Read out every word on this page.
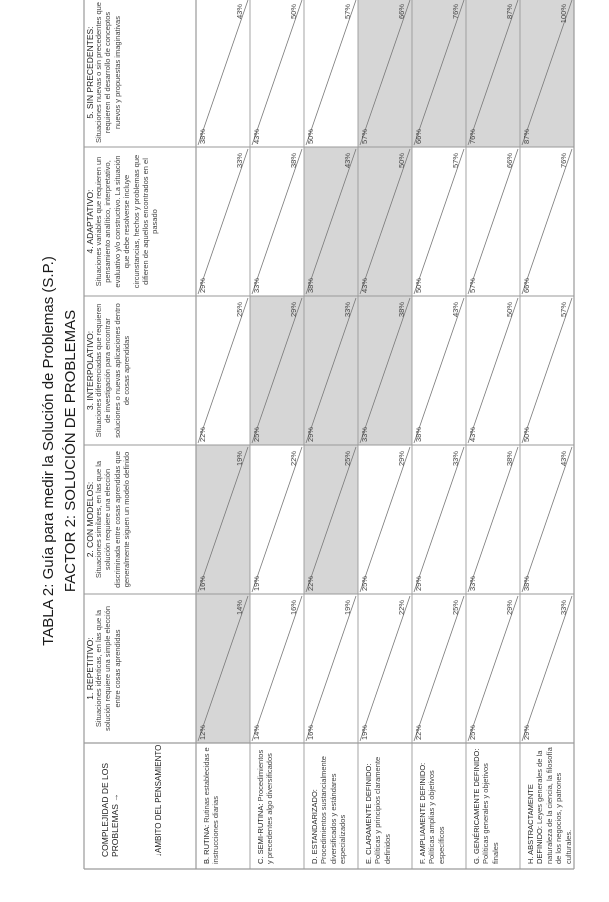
TABLA 2: Guía para medir la Solución de Problemas (S.P.) FACTOR 2: SOLUCIÓN DE PROBLEMAS
COMPLEJIDAD DE LOS PROBLEMAS →	↓AMBITO DEL PENSAMIENTO
1. REPETITIVO: Situaciones idénticas, en las que la solución requiere una simple elección entre cosas aprendidas
2. CON MODELOS: Situaciones similares, en las que la solución requiere una elección discriminada entre cosas aprendidas que generalmente siguen un modelo definido
3. INTERPOLATIVO: Situaciones diferenciadas que requieren de investigación para encontrar soluciones o nuevas aplicaciones dentro de cosas aprendidas
4. ADAPTATIVO: Situaciones variables que requieren un pensamiento analítico, interpretativo, evaluativo y/o constructivo. La situación que debe resolverse incluye circunstancias, hechos y problemas que difieren de aquellos encontrados en el pasado
5. SIN PRECEDENTES: Situaciones nuevas o sin precedentes que requieren el desarrollo de conceptos nuevos y propuestas imaginativas
B. RUTINA: Rutinas establecidas e instrucciones diarias
12%
14%
16%
19%
22%
25%
29%
33%
38%
43%
C. SEMI-RUTINA: Procedimientos y precedentes algo diversificados
14%
16%
19%
22%
25%
29%
33%
38%
43%
50%
D. ESTANDARIZADO: Procedimientos sustancialmente diversificados y estándares especializados
16%
19%
22%
25%
29%
33%
38%
43%
50%
57%
E. CLARAMENTE DEFINIDO: Políticas y principios claramente definidos
19%
22%
25%
29%
33%
38%
43%
50%
57%
66%
F. AMPLIAMENTE DEFINIDO: Políticas amplias y objetivos específicos
22%
25%
29%
33%
38%
43%
50%
57%
66%
76%
G. GENÉRICAMENTE DEFINIDO: Políticas generales y objetivos finales
25%
29%
33%
38%
43%
50%
57%
66%
76%
87%
H. ABSTRACTAMENTE DEFINIDO: Leyes generales de la naturaleza de la ciencia, la filosofía de los negocios, y patrones culturales.
29%
33%
38%
43%
50%
57%
66%
76%
87%
100%
